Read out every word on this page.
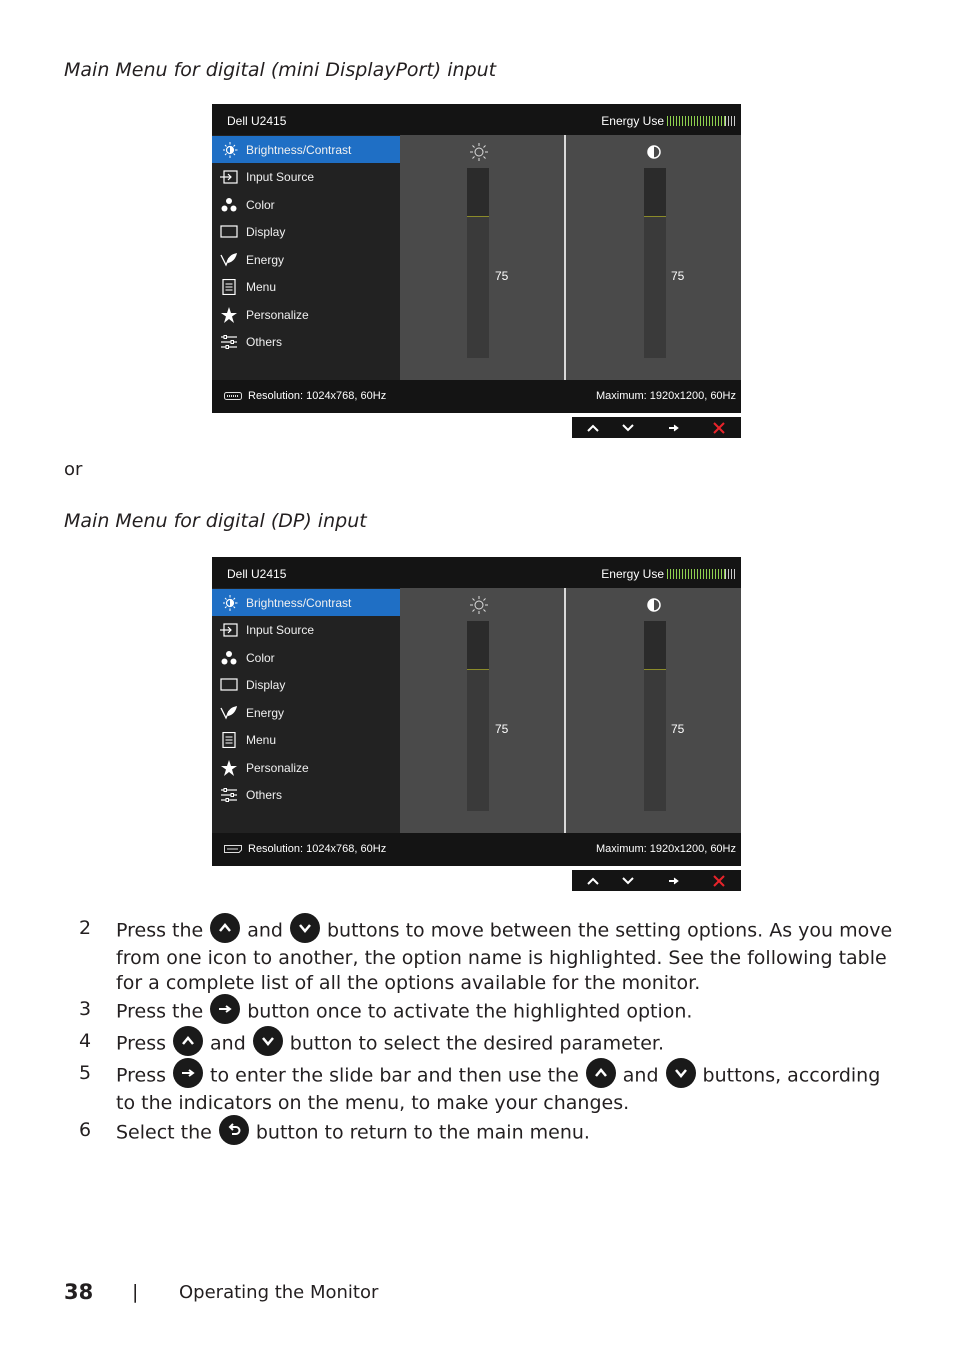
Main Menu for digital (mini DisplayPort) input
Dell U2415	Energy Use
Brightness/Contrast
Input Source
Color
Display
Energy
Menu
Personalize
Others
75	75
Resolution: 1024x768, 60Hz	Maximum: 1920x1200, 60Hz
or
Main Menu for digital (DP) input
Dell U2415	Energy Use
Brightness/Contrast
Input Source
Color
Display
Energy
Menu
Personalize
Others
75	75
Resolution: 1024x768, 60Hz	Maximum: 1920x1200, 60Hz
2 Press the and buttons to move between the setting options. As you move from one icon to another, the option name is highlighted. See the following table for a complete list of all the options available for the monitor.
3 Press the button once to activate the highlighted option.
4 Press and button to select the desired parameter.
5 Press to enter the slide bar and then use the and buttons, according to the indicators on the menu, to make your changes.
6 Select the button to return to the main menu.
38 | Operating the Monitor
